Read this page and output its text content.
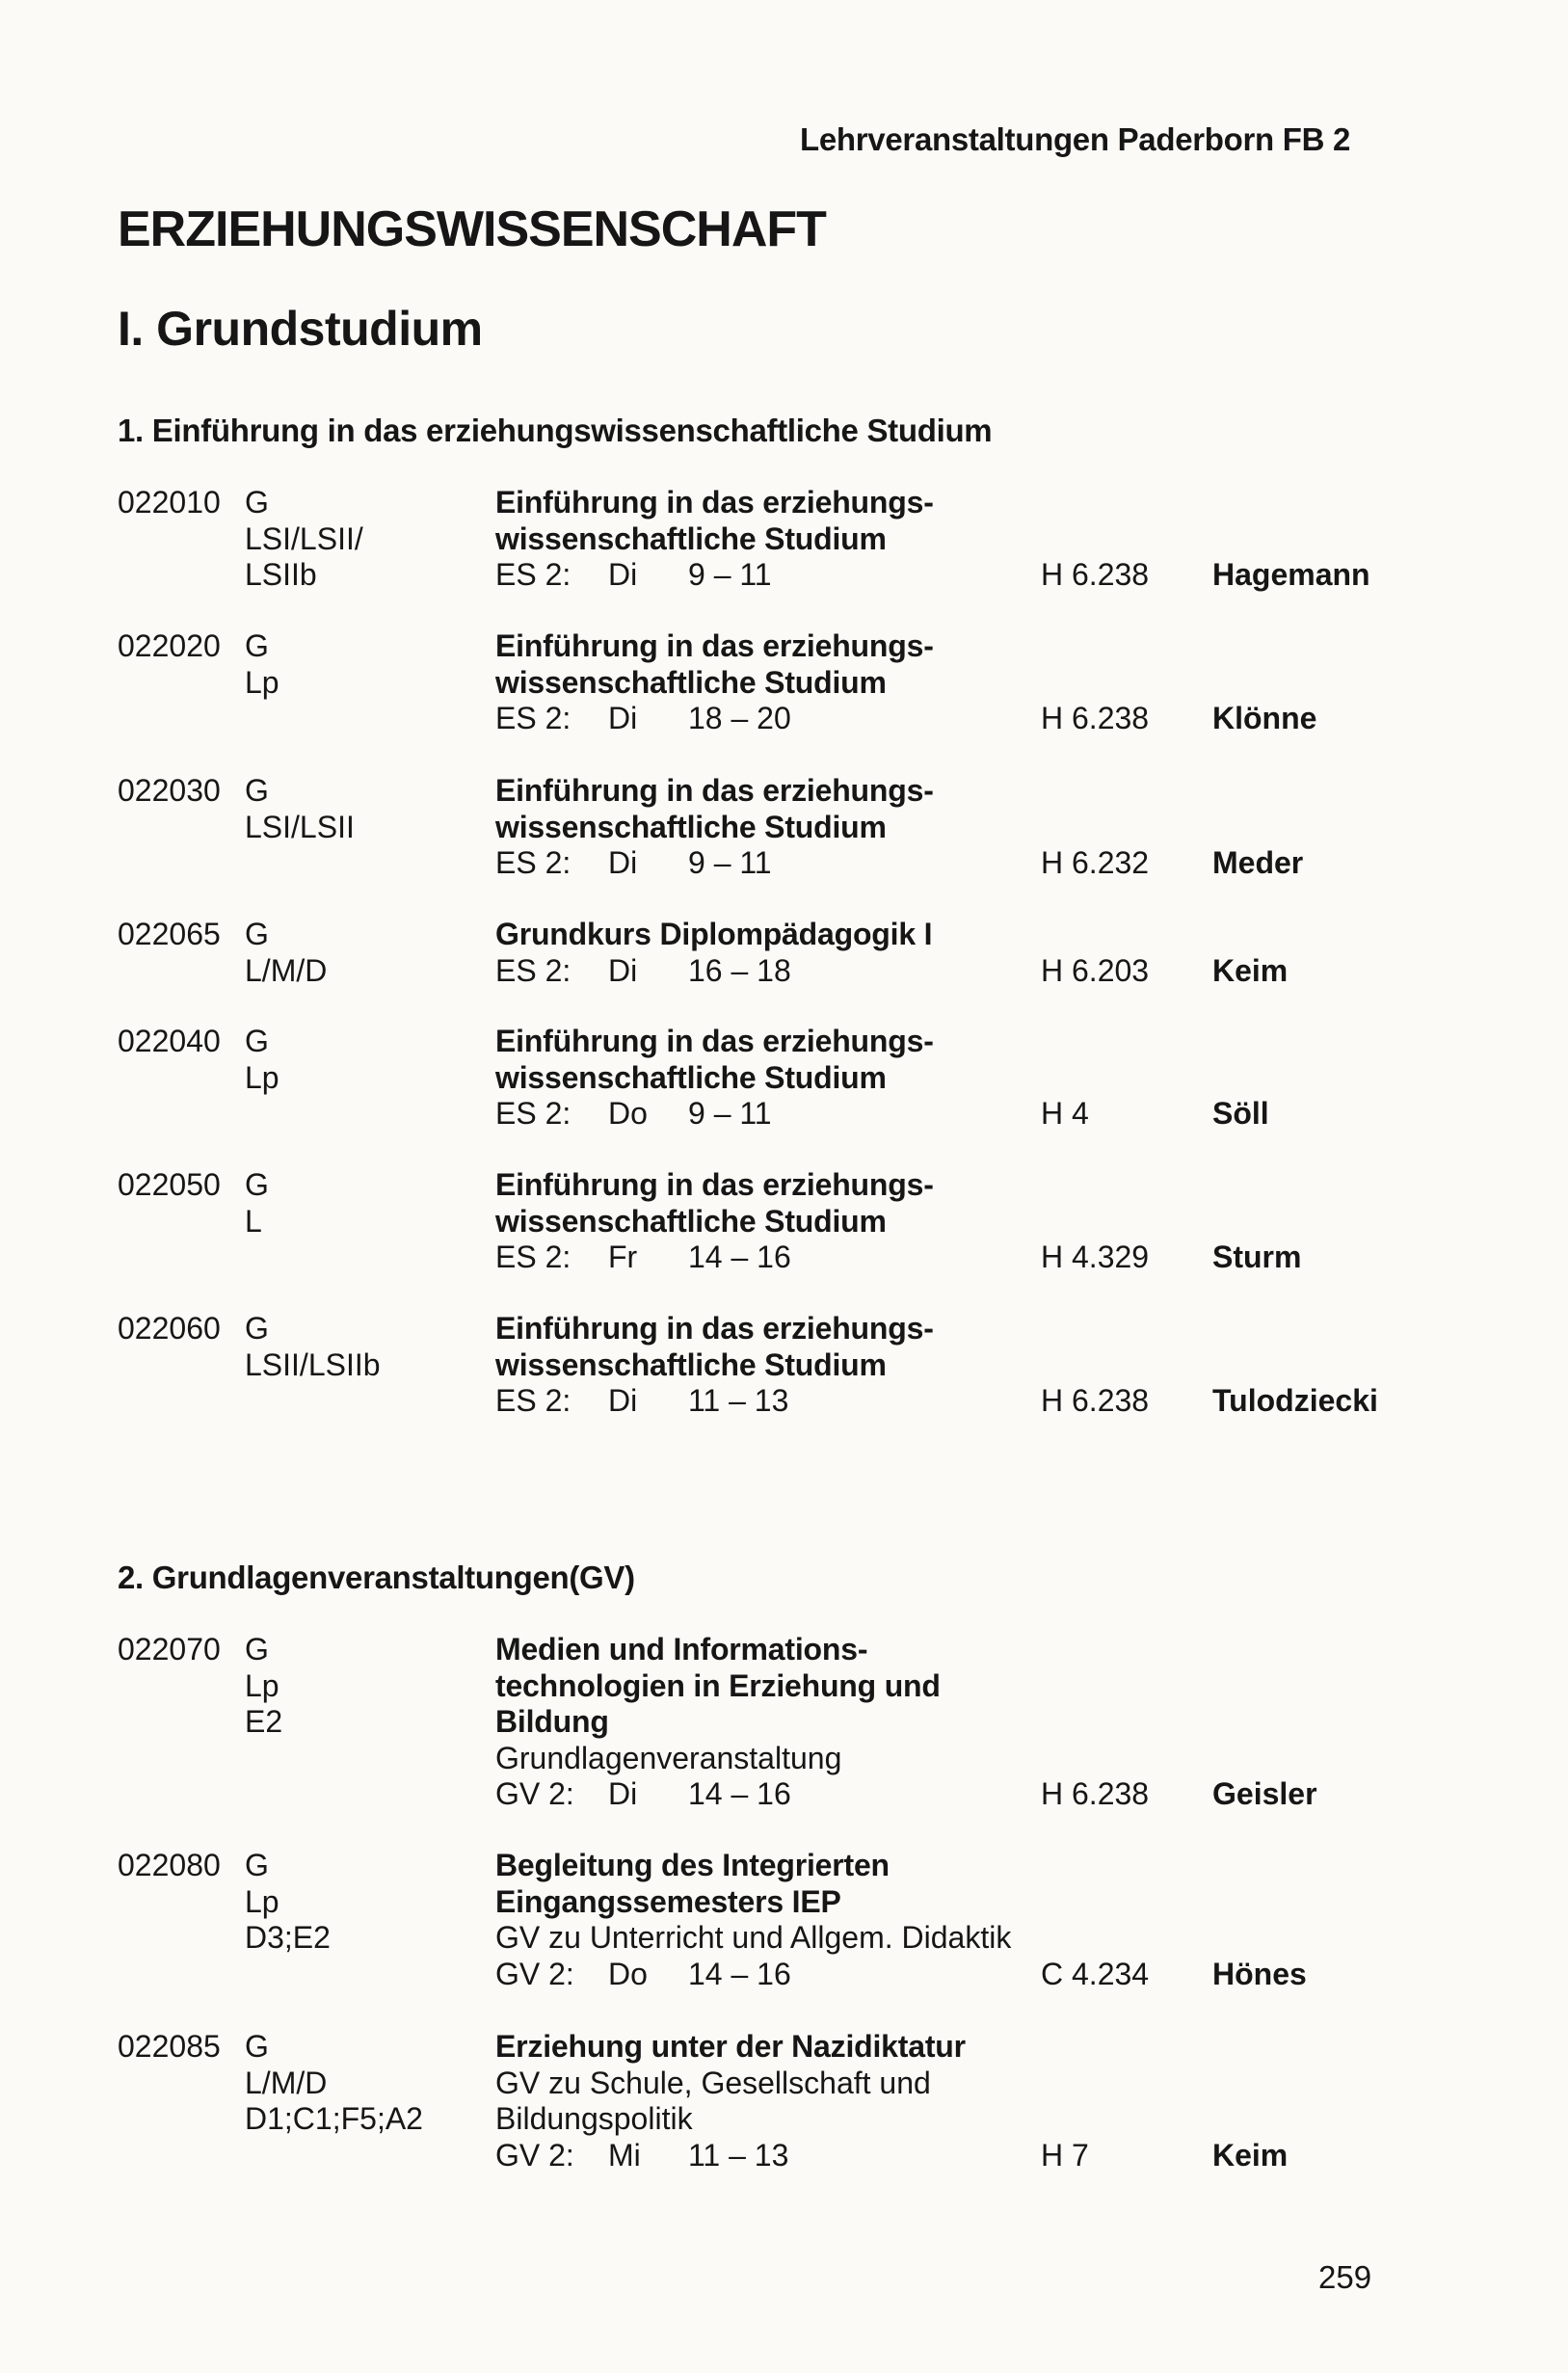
Lehrveranstaltungen Paderborn FB 2
ERZIEHUNGSWISSENSCHAFT
I. Grundstudium
1. Einführung in das erziehungswissenschaftliche Studium
022010 G
LSI/LSII/
LSIIb
Einführung in das erziehungs-
wissenschaftliche Studium
ES 2: Di 9 – 11	H 6.238 Hagemann
022020 G
Lp
Einführung in das erziehungs-
wissenschaftliche Studium
ES 2: Di 18 – 20	H 6.238 Klönne
022030 G
LSI/LSII
Einführung in das erziehungs-
wissenschaftliche Studium
ES 2: Di 9 – 11	H 6.232 Meder
022065 G
L/M/D
Grundkurs Diplompädagogik I
ES 2: Di 16 – 18	H 6.203 Keim
022040 G
Lp
Einführung in das erziehungs-
wissenschaftliche Studium
ES 2: Do 9 – 11	H 4	Söll
022050 G
L
Einführung in das erziehungs-
wissenschaftliche Studium
ES 2: Fr 14 – 16	H 4.329 Sturm
022060 G
LSII/LSIIb
Einführung in das erziehungs-
wissenschaftliche Studium
ES 2: Di 11 – 13	H 6.238 Tulodziecki
2. Grundlagenveranstaltungen(GV)
022070 G
Lp
E2
Medien und Informations-
technologien in Erziehung und
Bildung
Grundlagenveranstaltung
GV 2: Di 14 – 16	H 6.238 Geisler
022080 G
Lp
D3;E2
Begleitung des Integrierten
Eingangssemesters IEP
GV zu Unterricht und Allgem. Didaktik
GV 2: Do 14 – 16	C 4.234 Hönes
022085 G
L/M/D
D1;C1;F5;A2
Erziehung unter der Nazidiktatur
GV zu Schule, Gesellschaft und
Bildungspolitik
GV 2: Mi 11 – 13	H 7	Keim
259
